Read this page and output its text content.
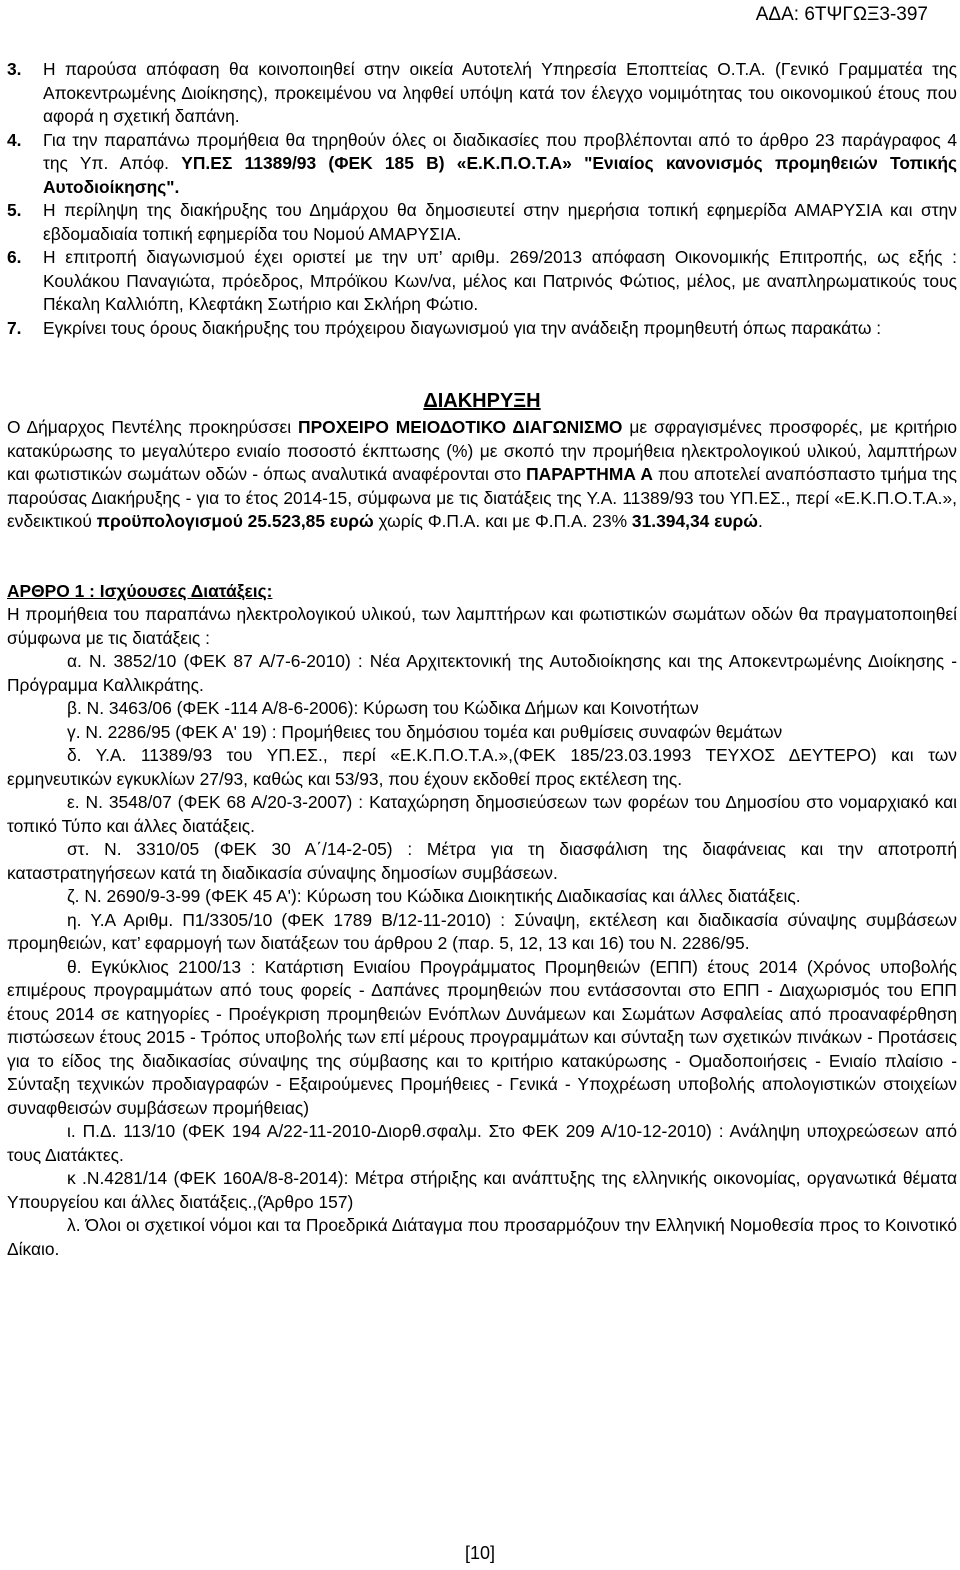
ΑΔΑ: 6ΤΨΓΩΞ3-397
3.	Η παρούσα απόφαση θα κοινοποιηθεί στην οικεία Αυτοτελή Υπηρεσία Εποπτείας Ο.Τ.Α. (Γενικό Γραμματέα της Αποκεντρωμένης Διοίκησης), προκειμένου να ληφθεί υπόψη κατά τον έλεγχο νομιμότητας του οικονομικού έτους που αφορά η σχετική δαπάνη.
4.	Για την παραπάνω προμήθεια θα τηρηθούν όλες οι διαδικασίες που προβλέπονται από το άρθρο 23 παράγραφος 4 της Υπ. Απόφ. ΥΠ.ΕΣ 11389/93 (ΦΕΚ 185 Β) «Ε.Κ.Π.Ο.Τ.Α» "Ενιαίος κανονισμός προμηθειών Τοπικής Αυτοδιοίκησης".
5.	Η περίληψη της διακήρυξης του Δημάρχου θα δημοσιευτεί στην ημερήσια τοπική εφημερίδα ΑΜΑΡΥΣΙΑ και στην εβδομαδιαία τοπική εφημερίδα του Νομού ΑΜΑΡΥΣΙΑ.
6.	Η επιτροπή διαγωνισμού έχει οριστεί με την υπ’ αριθμ. 269/2013 απόφαση Οικονομικής Επιτροπής, ως εξής : Κουλάκου Παναγιώτα, πρόεδρος, Μπρόϊκου Κων/να, μέλος και Πατρινός Φώτιος, μέλος, με αναπληρωματικούς τους Πέκαλη Καλλιόπη, Κλεφτάκη Σωτήριο και Σκλήρη Φώτιο.
7.	Εγκρίνει τους όρους διακήρυξης του πρόχειρου διαγωνισμού για την ανάδειξη προμηθευτή όπως παρακάτω :
ΔΙΑΚΗΡΥΞΗ

Ο Δήμαρχος Πεντέλης προκηρύσσει ΠΡΟΧΕΙΡΟ ΜΕΙΟΔΟΤΙΚΟ ΔΙΑΓΩΝΙΣΜΟ με σφραγισμένες προσφορές, με κριτήριο κατακύρωσης το μεγαλύτερο ενιαίο ποσοστό έκπτωσης (%) με σκοπό την προμήθεια ηλεκτρολογικού υλικού, λαμπτήρων και φωτιστικών σωμάτων οδών - όπως αναλυτικά αναφέρονται στο ΠΑΡΑΡΤΗΜΑ Α που αποτελεί αναπόσπαστο τμήμα της παρούσας Διακήρυξης - για το έτος 2014-15, σύμφωνα με τις διατάξεις της Υ.Α. 11389/93 του ΥΠ.ΕΣ., περί «Ε.Κ.Π.Ο.Τ.Α.», ενδεικτικού προϋπολογισμού 25.523,85 ευρώ χωρίς Φ.Π.Α. και με Φ.Π.Α. 23% 31.394,34 ευρώ.

ΑΡΘΡΟ 1 : Ισχύουσες Διατάξεις:

Η προμήθεια του παραπάνω ηλεκτρολογικού υλικού, των λαμπτήρων και φωτιστικών σωμάτων οδών θα πραγματοποιηθεί σύμφωνα με τις διατάξεις :

α. Ν. 3852/10 (ΦΕΚ 87 Α/7-6-2010) : Νέα Αρχιτεκτονική της Αυτοδιοίκησης και της Αποκεντρωμένης Διοίκησης - Πρόγραμμα Καλλικράτης.

β. Ν. 3463/06 (ΦΕΚ -114 Α/8-6-2006): Κύρωση του Κώδικα Δήμων και Κοινοτήτων

γ. Ν. 2286/95 (ΦΕΚ Α' 19) : Προμήθειες του δημόσιου τομέα και ρυθμίσεις συναφών θεμάτων

δ. Υ.Α. 11389/93 του ΥΠ.ΕΣ., περί «Ε.Κ.Π.Ο.Τ.Α.»,(ΦΕΚ 185/23.03.1993 ΤΕΥΧΟΣ ΔΕΥΤΕΡΟ) και των ερμηνευτικών εγκυκλίων 27/93, καθώς και 53/93, που έχουν εκδοθεί προς εκτέλεση της.

ε. Ν. 3548/07 (ΦΕΚ 68 Α/20-3-2007) : Καταχώρηση δημοσιεύσεων των φορέων του Δημοσίου στο νομαρχιακό και τοπικό Τύπο και άλλες διατάξεις.

στ. Ν. 3310/05 (ΦΕΚ 30 Α΄/14-2-05) : Μέτρα για τη διασφάλιση της διαφάνειας και την αποτροπή καταστρατηγήσεων κατά τη διαδικασία σύναψης δημοσίων συμβάσεων.

ζ. Ν. 2690/9-3-99 (ΦΕΚ 45 Α'): Κύρωση του Κώδικα Διοικητικής Διαδικασίας και άλλες διατάξεις.

η. Υ.Α Αριθμ. Π1/3305/10 (ΦΕΚ 1789 Β/12-11-2010) : Σύναψη, εκτέλεση και διαδικασία σύναψης συμβάσεων προμηθειών, κατ’ εφαρμογή των διατάξεων του άρθρου 2 (παρ. 5, 12, 13 και 16) του Ν. 2286/95.

θ. Εγκύκλιος 2100/13 : Κατάρτιση Ενιαίου Προγράμματος Προμηθειών (ΕΠΠ) έτους 2014 (Χρόνος υποβολής επιμέρους προγραμμάτων από τους φορείς - Δαπάνες προμηθειών που εντάσσονται στο ΕΠΠ - Διαχωρισμός του ΕΠΠ έτους 2014 σε κατηγορίες - Προέγκριση προμηθειών Ενόπλων Δυνάμεων και Σωμάτων Ασφαλείας από προαναφέρθηση πιστώσεων έτους 2015 - Τρόπος υποβολής των επί μέρους προγραμμάτων και σύνταξη των σχετικών πινάκων - Προτάσεις για το είδος της διαδικασίας σύναψης της σύμβασης και το κριτήριο κατακύρωσης - Ομαδοποιήσεις - Ενιαίο πλαίσιο - Σύνταξη τεχνικών προδιαγραφών - Εξαιρούμενες Προμήθειες - Γενικά - Υποχρέωση υποβολής απολογιστικών στοιχείων συναφθεισών συμβάσεων προμήθειας)

ι. Π.Δ. 113/10 (ΦΕΚ 194 Α/22-11-2010-Διορθ.σφαλμ. Στο ΦΕΚ 209 Α/10-12-2010) : Ανάληψη υποχρεώσεων από τους Διατάκτες.

κ .Ν.4281/14 (ΦΕΚ 160Α/8-8-2014): Μέτρα στήριξης και ανάπτυξης της ελληνικής οικονομίας, οργανωτικά θέματα Υπουργείου και άλλες διατάξεις.,(Άρθρο 157)

λ. Όλοι οι σχετικοί νόμοι και τα Προεδρικά Διάταγμα που προσαρμόζουν την Ελληνική Νομοθεσία προς το Κοινοτικό Δίκαιο.

[10]
